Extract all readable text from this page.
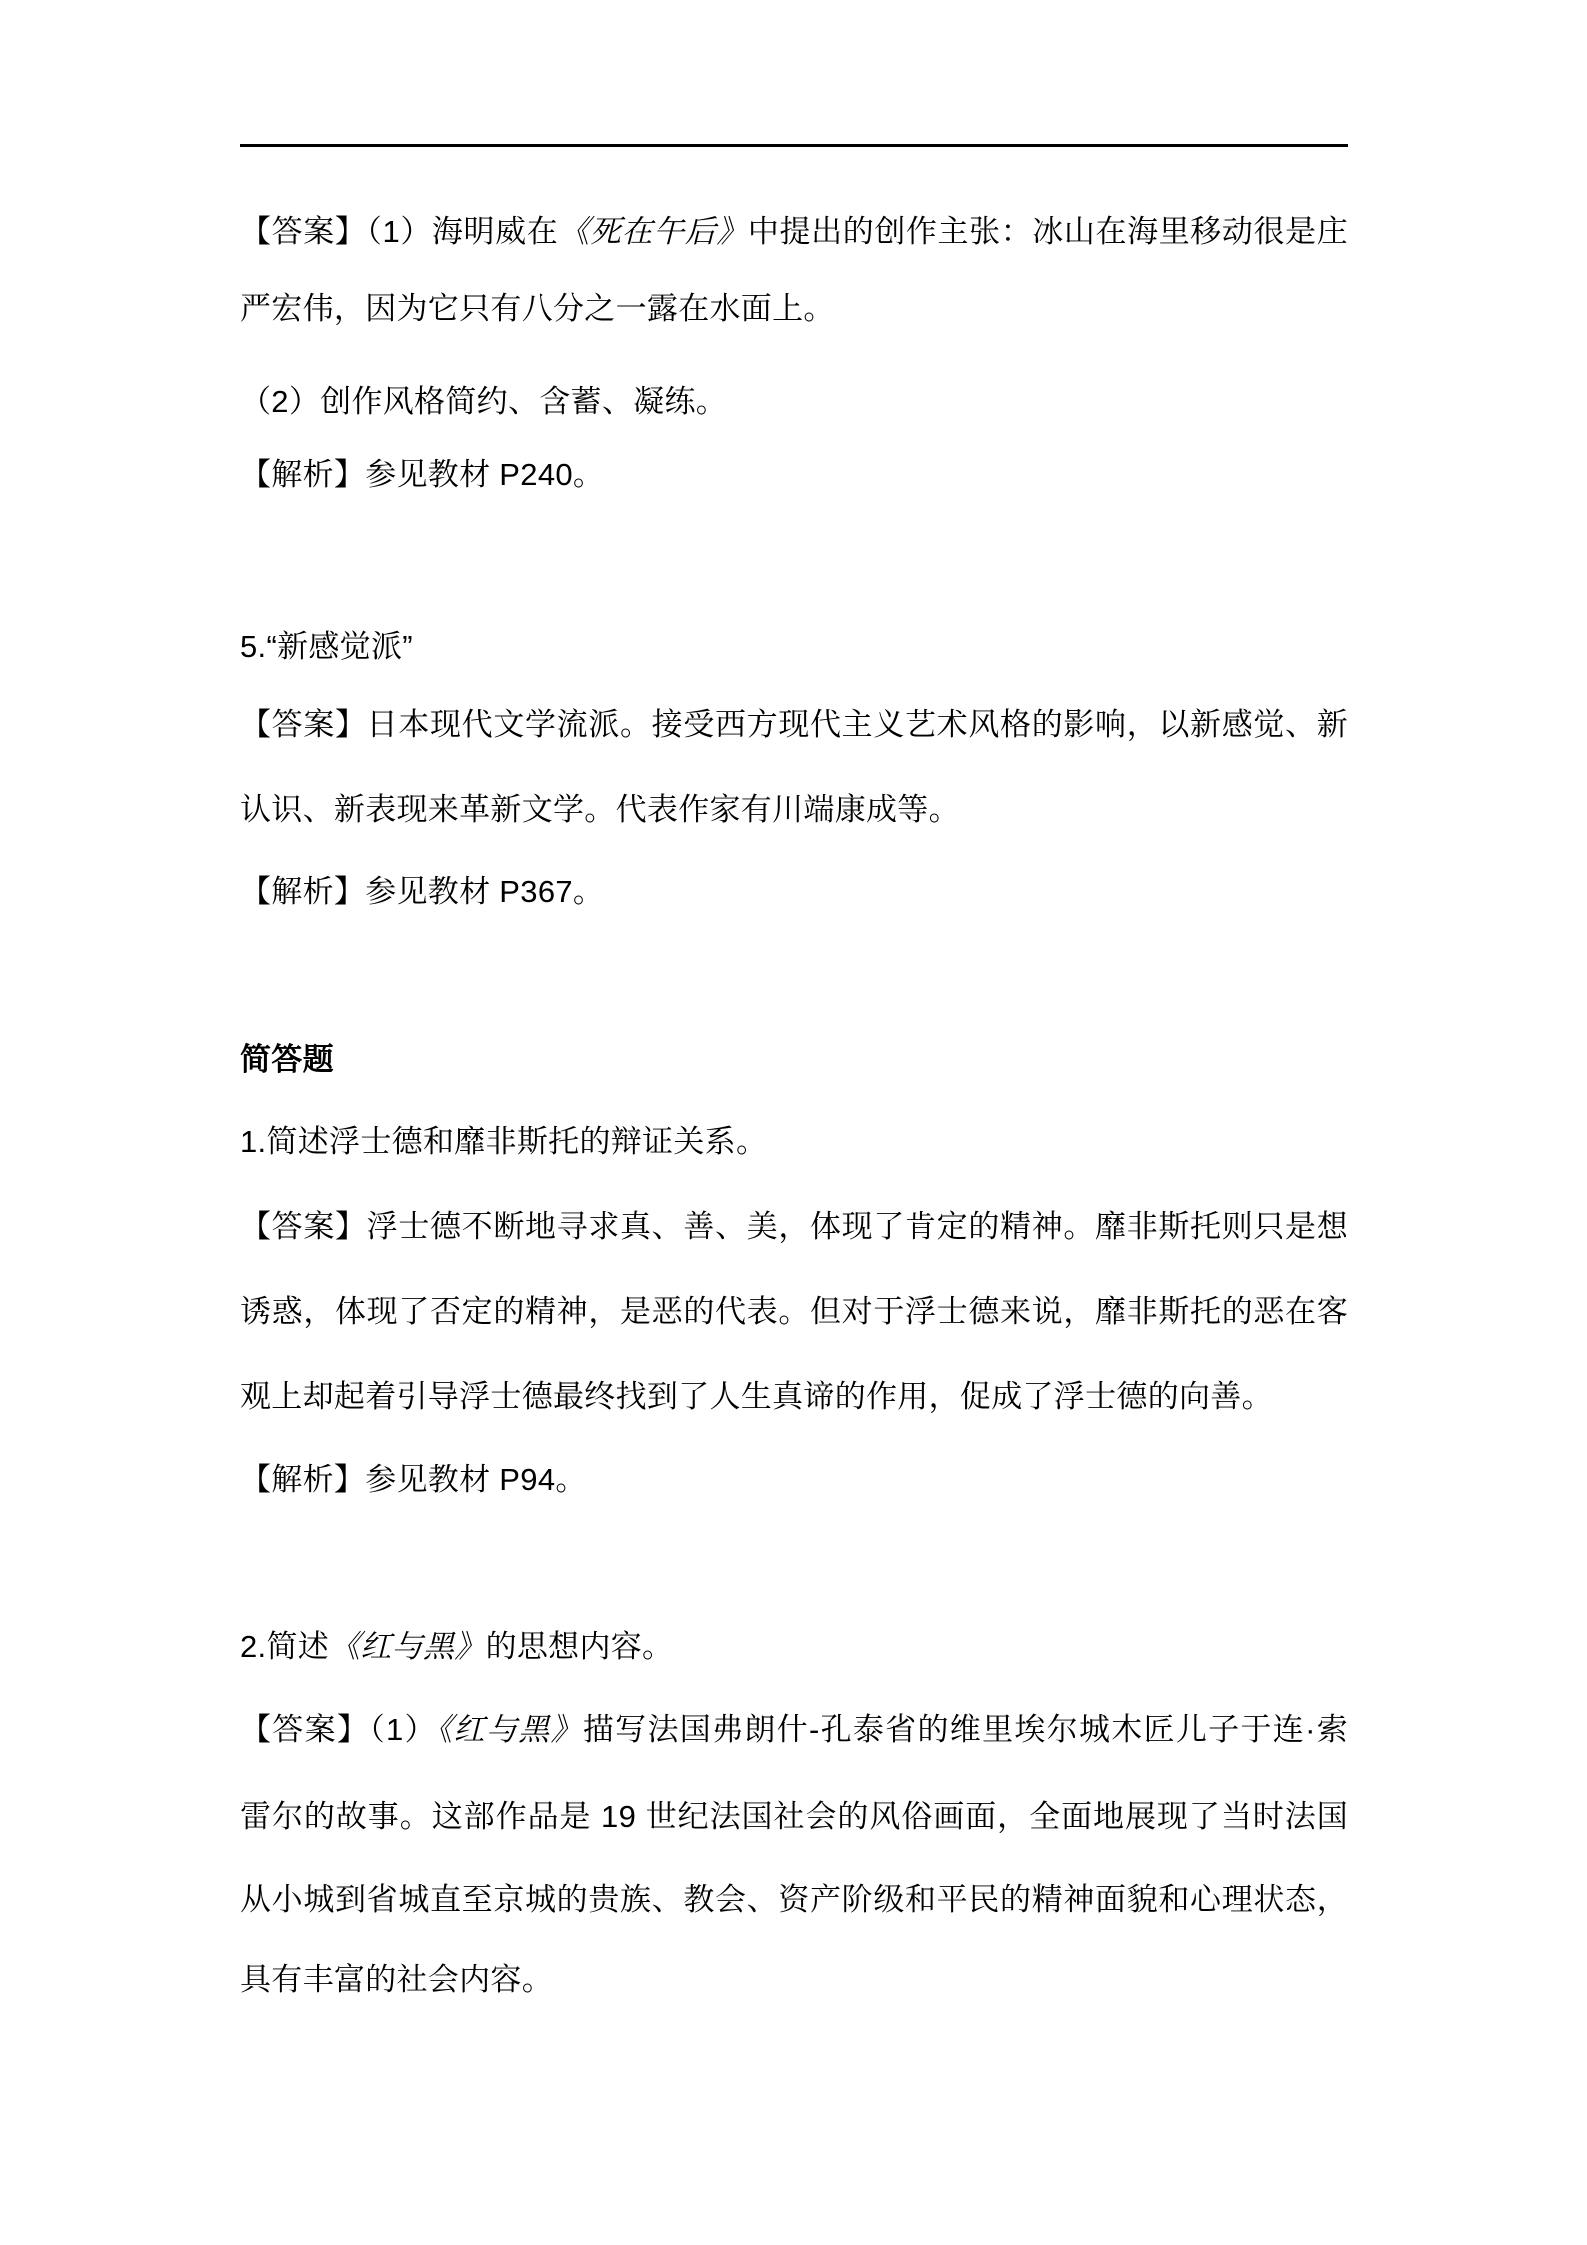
【答案】（1）海明威在《死在午后》中提出的创作主张：冰山在海里移动很是庄
严宏伟，因为它只有八分之一露在水面上。
（2）创作风格简约、含蓄、凝练。
【解析】参见教材 P240。
5.“新感觉派”
【答案】日本现代文学流派。接受西方现代主义艺术风格的影响，以新感觉、新
认识、新表现来革新文学。代表作家有川端康成等。
【解析】参见教材 P367。
简答题
1.简述浮士德和靡非斯托的辩证关系。
【答案】浮士德不断地寻求真、善、美，体现了肯定的精神。靡非斯托则只是想
诱惑，体现了否定的精神，是恶的代表。但对于浮士德来说，靡非斯托的恶在客
观上却起着引导浮士德最终找到了人生真谛的作用，促成了浮士德的向善。
【解析】参见教材 P94。
2.简述《红与黑》的思想内容。
【答案】（1）《红与黑》描写法国弗朗什-孔泰省的维里埃尔城木匠儿子于连·索
雷尔的故事。这部作品是 19 世纪法国社会的风俗画面，全面地展现了当时法国
从小城到省城直至京城的贵族、教会、资产阶级和平民的精神面貌和心理状态，
具有丰富的社会内容。
